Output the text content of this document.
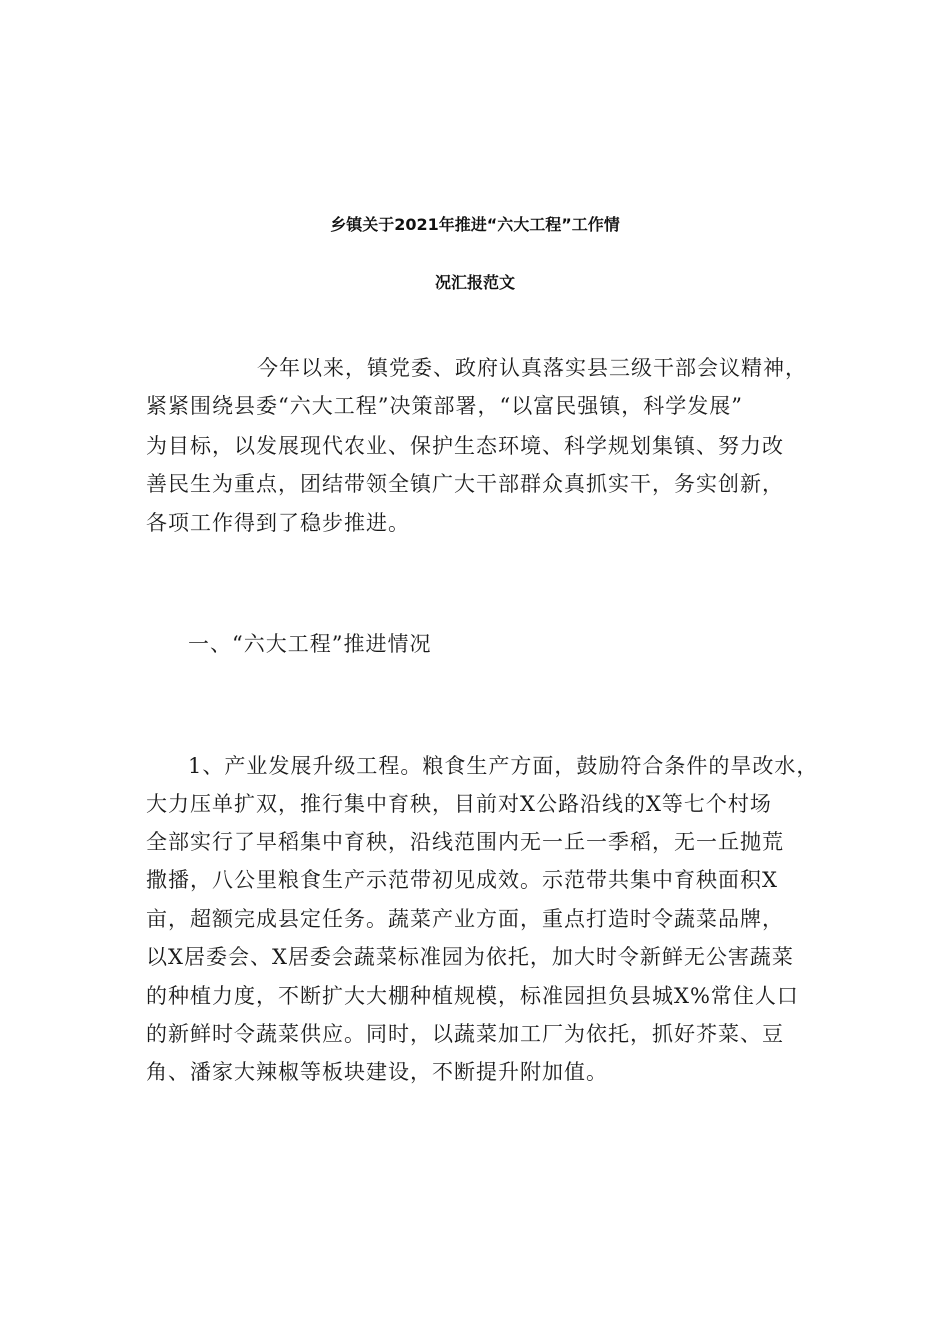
乡镇关于2021年推进“六大工程”工作情
况汇报范文
今年以来，镇党委、政府认真落实县三级干部会议精神，
紧紧围绕县委“六大工程”决策部署，“以富民强镇，科学发展”
为目标，以发展现代农业、保护生态环境、科学规划集镇、努力改
善民生为重点，团结带领全镇广大干部群众真抓实干，务实创新，
各项工作得到了稳步推进。
一、“六大工程”推进情况
1、产业发展升级工程。粮食生产方面，鼓励符合条件的旱改水，
大力压单扩双，推行集中育秧，目前对X公路沿线的X等七个村场
全部实行了早稻集中育秧，沿线范围内无一丘一季稻，无一丘抛荒
撒播，八公里粮食生产示范带初见成效。示范带共集中育秧面积X
亩，超额完成县定任务。蔬菜产业方面，重点打造时令蔬菜品牌，
以X居委会、X居委会蔬菜标准园为依托，加大时令新鲜无公害蔬菜
的种植力度，不断扩大大棚种植规模，标准园担负县城X%常住人口
的新鲜时令蔬菜供应。同时，以蔬菜加工厂为依托，抓好芥菜、豆
角、潘家大辣椒等板块建设，不断提升附加值。
